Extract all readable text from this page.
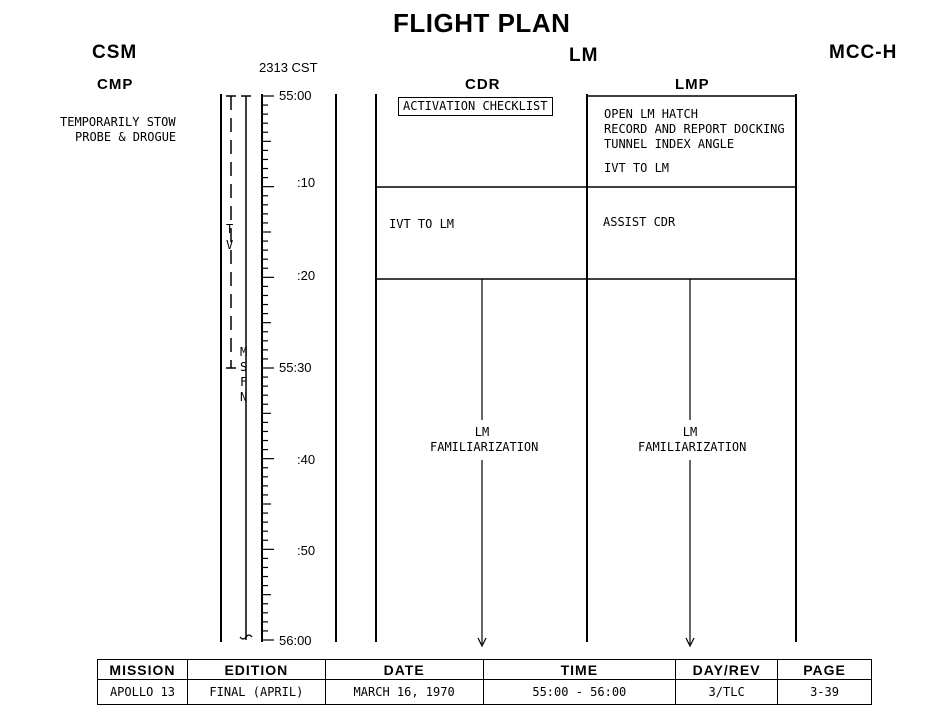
FLIGHT PLAN
CSM	LM	MCC-H
CMP	CDR	LMP
2313 CST
TEMPORARILY STOW
PROBE & DROGUE
55:00
:10
:20
55:30
:40
:50
56:00
T
V
M
S
F
N
ACTIVATION CHECKLIST
IVT TO LM
LM
FAMILIARIZATION
OPEN LM HATCH
RECORD AND REPORT DOCKING
TUNNEL INDEX ANGLE
IVT TO LM
ASSIST CDR
LM
FAMILIARIZATION
MISSION	EDITION	DATE	TIME	DAY/REV	PAGE
APOLLO 13	FINAL (APRIL)	MARCH 16, 1970	55:00 - 56:00	3/TLC	3-39
